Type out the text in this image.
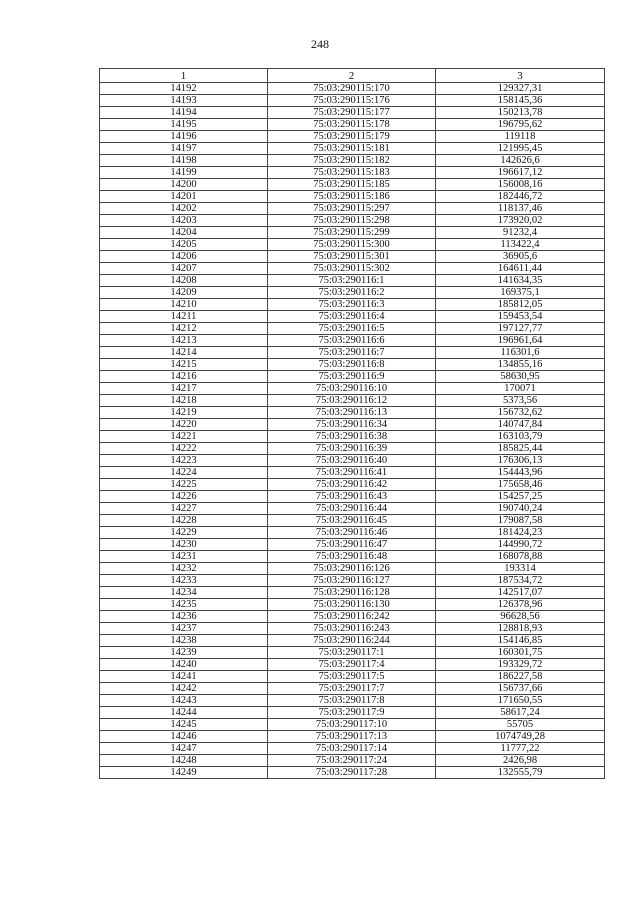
248
1	2	3
14192	75:03:290115:170	129327,31
14193	75:03:290115:176	158145,36
14194	75:03:290115:177	150213,78
14195	75:03:290115:178	196795,62
14196	75:03:290115:179	119118
14197	75:03:290115:181	121995,45
14198	75:03:290115:182	142626,6
14199	75:03:290115:183	196617,12
14200	75:03:290115:185	156008,16
14201	75:03:290115:186	182446,72
14202	75:03:290115:297	118137,46
14203	75:03:290115:298	173920,02
14204	75:03:290115:299	91232,4
14205	75:03:290115:300	113422,4
14206	75:03:290115:301	36905,6
14207	75:03:290115:302	164611,44
14208	75:03:290116:1	141634,35
14209	75:03:290116:2	169375,1
14210	75:03:290116:3	185812,05
14211	75:03:290116:4	159453,54
14212	75:03:290116:5	197127,77
14213	75:03:290116:6	196961,64
14214	75:03:290116:7	116301,6
14215	75:03:290116:8	134855,16
14216	75:03:290116:9	58630,95
14217	75:03:290116:10	170071
14218	75:03:290116:12	5373,56
14219	75:03:290116:13	156732,62
14220	75:03:290116:34	140747,84
14221	75:03:290116:38	163103,79
14222	75:03:290116:39	185825,44
14223	75:03:290116:40	176306,13
14224	75:03:290116:41	154443,96
14225	75:03:290116:42	175658,46
14226	75:03:290116:43	154257,25
14227	75:03:290116:44	190740,24
14228	75:03:290116:45	179087,58
14229	75:03:290116:46	181424,23
14230	75:03:290116:47	144990,72
14231	75:03:290116:48	168078,88
14232	75:03:290116:126	193314
14233	75:03:290116:127	187534,72
14234	75:03:290116:128	142517,07
14235	75:03:290116:130	126378,96
14236	75:03:290116:242	96628,56
14237	75:03:290116:243	128818,93
14238	75:03:290116:244	154146,85
14239	75:03:290117:1	160301,75
14240	75:03:290117:4	193329,72
14241	75:03:290117:5	186227,58
14242	75:03:290117:7	156737,66
14243	75:03:290117:8	171650,55
14244	75:03:290117:9	58617,24
14245	75:03:290117:10	55705
14246	75:03:290117:13	1074749,28
14247	75:03:290117:14	11777,22
14248	75:03:290117:24	2426,98
14249	75:03:290117:28	132555,79
